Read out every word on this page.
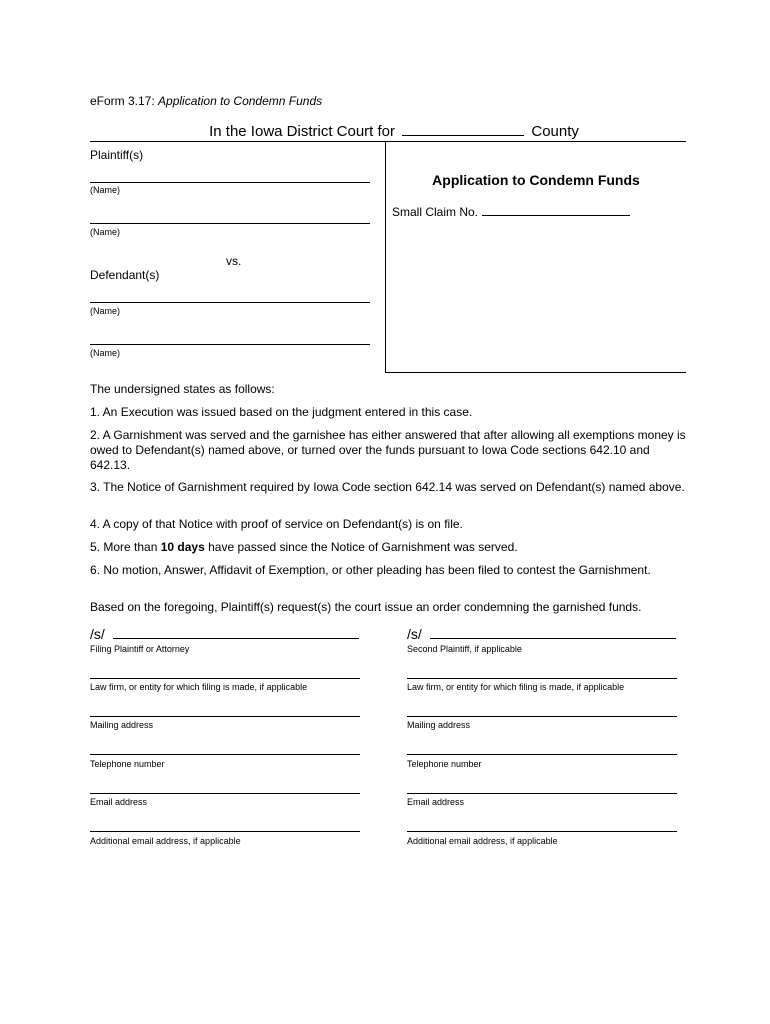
eForm 3.17: Application to Condemn Funds
In the Iowa District Court for	County
Plaintiff(s)
(Name)
(Name)
vs.
Defendant(s)
(Name)
(Name)
Application to Condemn Funds
Small Claim No.
The undersigned states as follows:
1. An Execution was issued based on the judgment entered in this case.
2. A Garnishment was served and the garnishee has either answered that after allowing all exemptions money is owed to Defendant(s) named above, or turned over the funds pursuant to Iowa Code sections 642.10 and 642.13.
3. The Notice of Garnishment required by Iowa Code section 642.14 was served on Defendant(s) named above.
4. A copy of that Notice with proof of service on Defendant(s) is on file.
5. More than 10 days have passed since the Notice of Garnishment was served.
6. No motion, Answer, Affidavit of Exemption, or other pleading has been filed to contest the Garnishment.
Based on the foregoing, Plaintiff(s) request(s) the court issue an order condemning the garnished funds.
/s/
Filing Plaintiff or Attorney
Law firm, or entity for which filing is made, if applicable
Mailing address
Telephone number
Email address
Additional email address, if applicable
/s/
Second Plaintiff, if applicable
Law firm, or entity for which filing is made, if applicable
Mailing address
Telephone number
Email address
Additional email address, if applicable
